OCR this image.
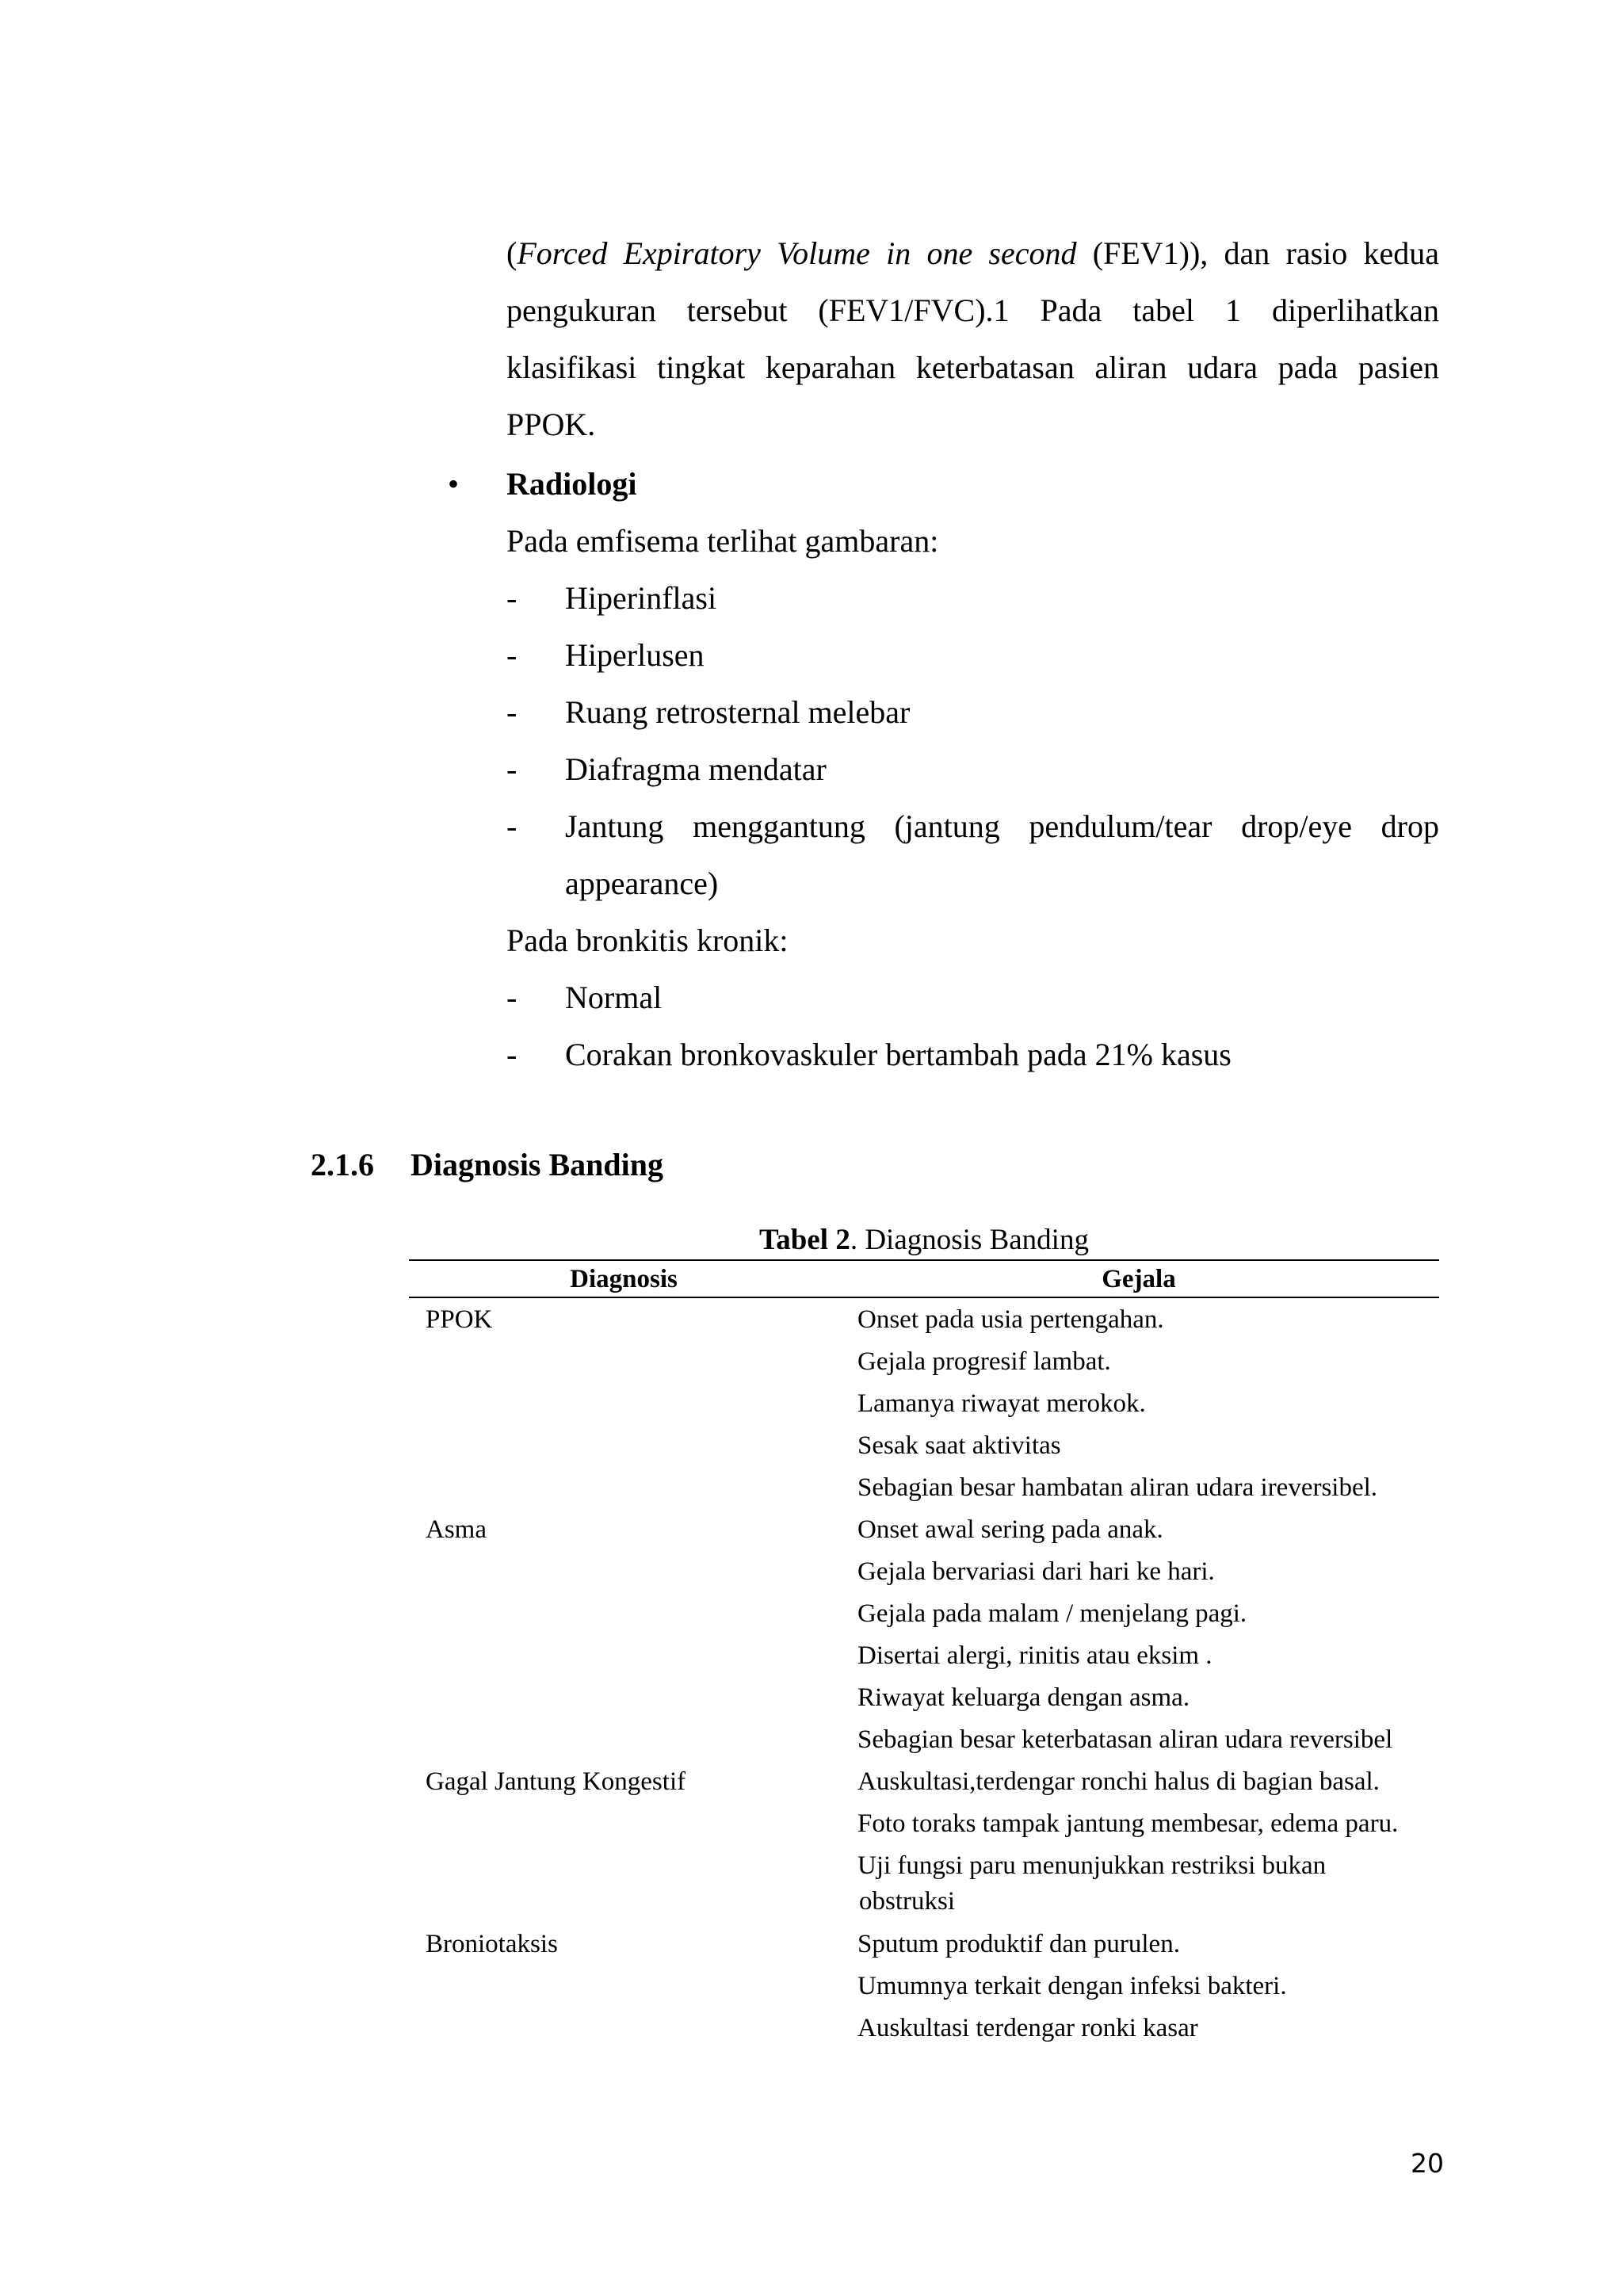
(Forced Expiratory Volume in one second (FEV1)), dan rasio kedua
pengukuran tersebut (FEV1/FVC).1 Pada tabel 1 diperlihatkan
klasifikasi tingkat keparahan keterbatasan aliran udara pada pasien
PPOK.
• Radiologi
Pada emfisema terlihat gambaran:
- Hiperinflasi
- Hiperlusen
- Ruang retrosternal melebar
- Diafragma mendatar
- Jantung menggantung (jantung pendulum/tear drop/eye drop
appearance)
Pada bronkitis kronik:
- Normal
- Corakan bronkovaskuler bertambah pada 21% kasus
2.1.6 Diagnosis Banding
Tabel 2. Diagnosis Banding
Diagnosis	Gejala
PPOK	Onset pada usia pertengahan.
Gejala progresif lambat.
Lamanya riwayat merokok.
Sesak saat aktivitas
Sebagian besar hambatan aliran udara ireversibel.
Asma	Onset awal sering pada anak.
Gejala bervariasi dari hari ke hari.
Gejala pada malam / menjelang pagi.
Disertai alergi, rinitis atau eksim .
Riwayat keluarga dengan asma.
Sebagian besar keterbatasan aliran udara reversibel
Gagal Jantung Kongestif	Auskultasi,terdengar ronchi halus di bagian basal.
Foto toraks tampak jantung membesar, edema paru.
Uji fungsi paru menunjukkan restriksi bukan
obstruksi
Broniotaksis	Sputum produktif dan purulen.
Umumnya terkait dengan infeksi bakteri.
Auskultasi terdengar ronki kasar
20
